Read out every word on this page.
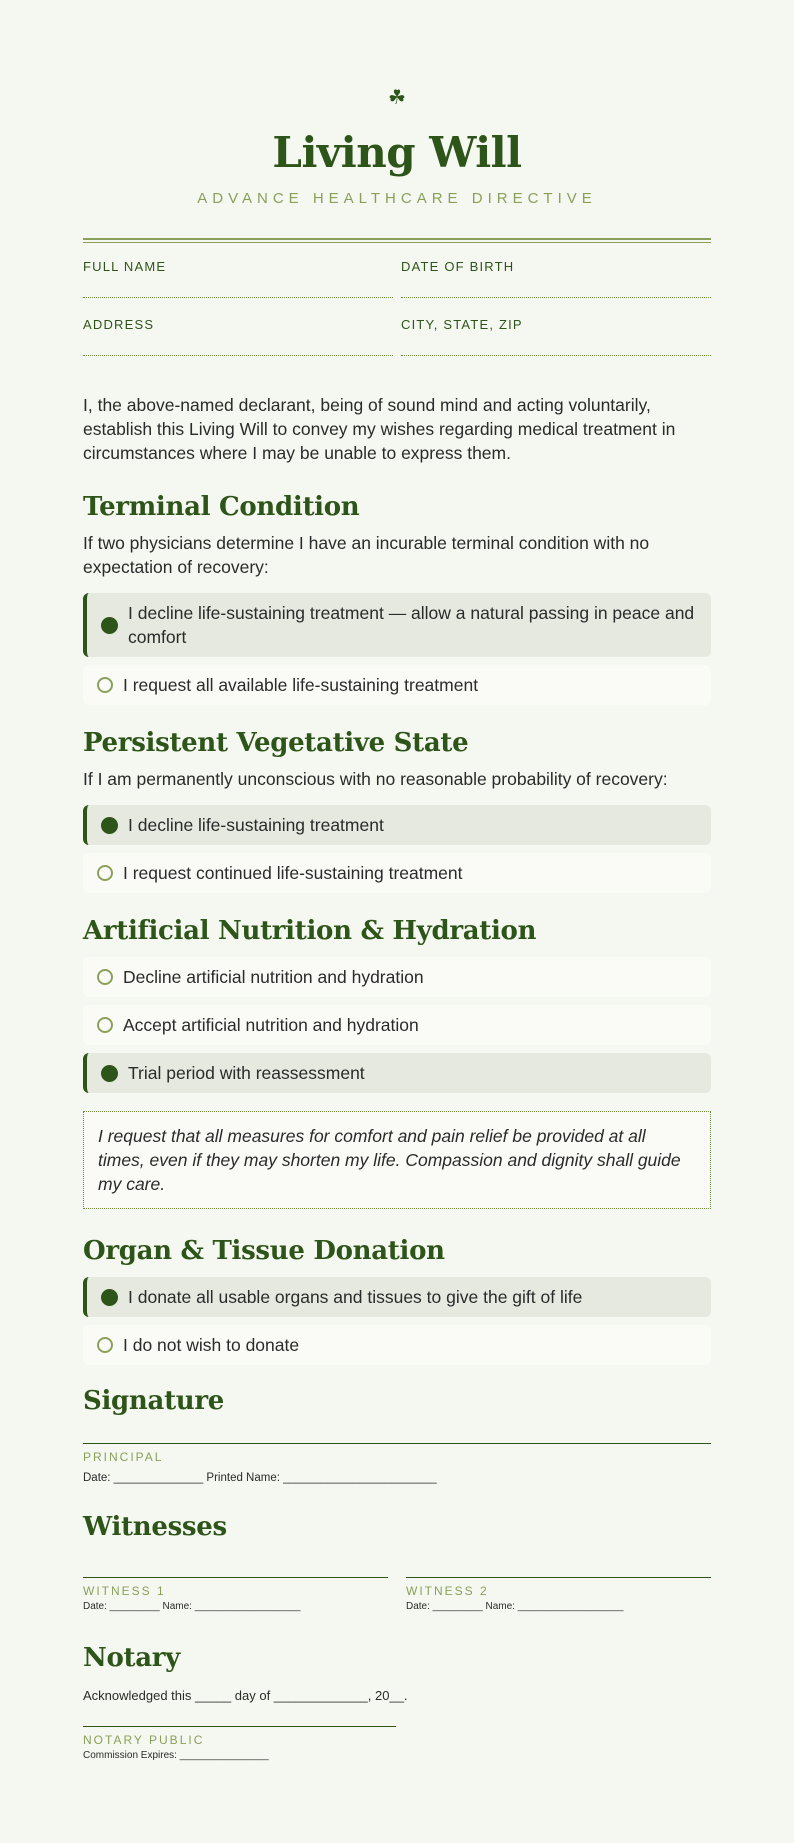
☘
Living Will
ADVANCE HEALTHCARE DIRECTIVE
FULL NAME	DATE OF BIRTH
ADDRESS	CITY, STATE, ZIP

I, the above-named declarant, being of sound mind and acting voluntarily, establish this Living Will to convey my wishes regarding medical treatment in circumstances where I may be unable to express them.

Terminal Condition

If two physicians determine I have an incurable terminal condition with no expectation of recovery:

I decline life-sustaining treatment — allow a natural passing in peace and comfort
I request all available life-sustaining treatment
Persistent Vegetative State

If I am permanently unconscious with no reasonable probability of recovery:

I decline life-sustaining treatment
I request continued life-sustaining treatment
Artificial Nutrition & Hydration
Decline artificial nutrition and hydration
Accept artificial nutrition and hydration
Trial period with reassessment
I request that all measures for comfort and pain relief be provided at all times, even if they may shorten my life. Compassion and dignity shall guide my care.
Organ & Tissue Donation
I donate all usable organs and tissues to give the gift of life
I do not wish to donate
Signature
PRINCIPAL
Date: ______________ Printed Name: ________________________
Witnesses
WITNESS 1
Date: _________ Name: ___________________
WITNESS 2
Date: _________ Name: ___________________
Notary

Acknowledged this _____ day of _____________, 20__.

NOTARY PUBLIC
Commission Expires: ________________
